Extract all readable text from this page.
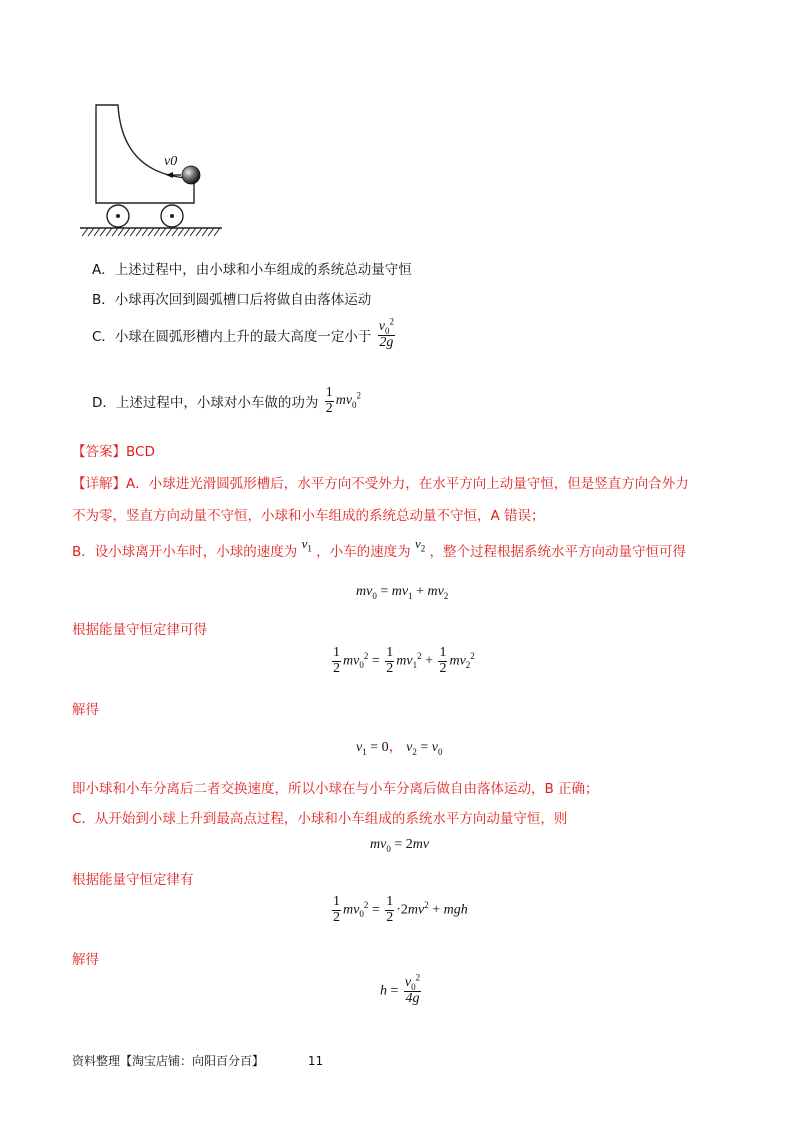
v0
A．上述过程中，由小球和小车组成的系统总动量守恒
B．小球再次回到圆弧槽口后将做自由落体运动
C．小球在圆弧形槽内上升的最大高度一定小于 $\frac{v_0^2}{2g}$
D．上述过程中，小球对小车做的功为 $\frac{1}{2} mv_0^2$
【答案】BCD
【详解】A．小球进光滑圆弧形槽后，水平方向不受外力，在水平方向上动量守恒，但是竖直方向合外力
不为零，竖直方向动量不守恒，小球和小车组成的系统总动量不守恒，A 错误；
B．设小球离开小车时，小球的速度为 $v_1$ ，小车的速度为 $v_2$ ，整个过程根据系统水平方向动量守恒可得
$mv_0 = mv_1 + mv_2$
根据能量守恒定律可得
$\frac{1}{2} mv_0^2 = \frac{1}{2} mv_1^2 + \frac{1}{2} mv_2^2$
解得
$v_1 = 0$， $v_2 = v_0$
即小球和小车分离后二者交换速度，所以小球在与小车分离后做自由落体运动，B 正确；
C．从开始到小球上升到最高点过程，小球和小车组成的系统水平方向动量守恒，则
$mv_0 = 2mv$
根据能量守恒定律有
$\frac{1}{2} mv_0^2 = \frac{1}{2} \cdot 2mv^2$ + mgh
解得
$h = \frac{v_0^2}{4g}$
资料整理【淘宝店铺：向阳百分百】	11
